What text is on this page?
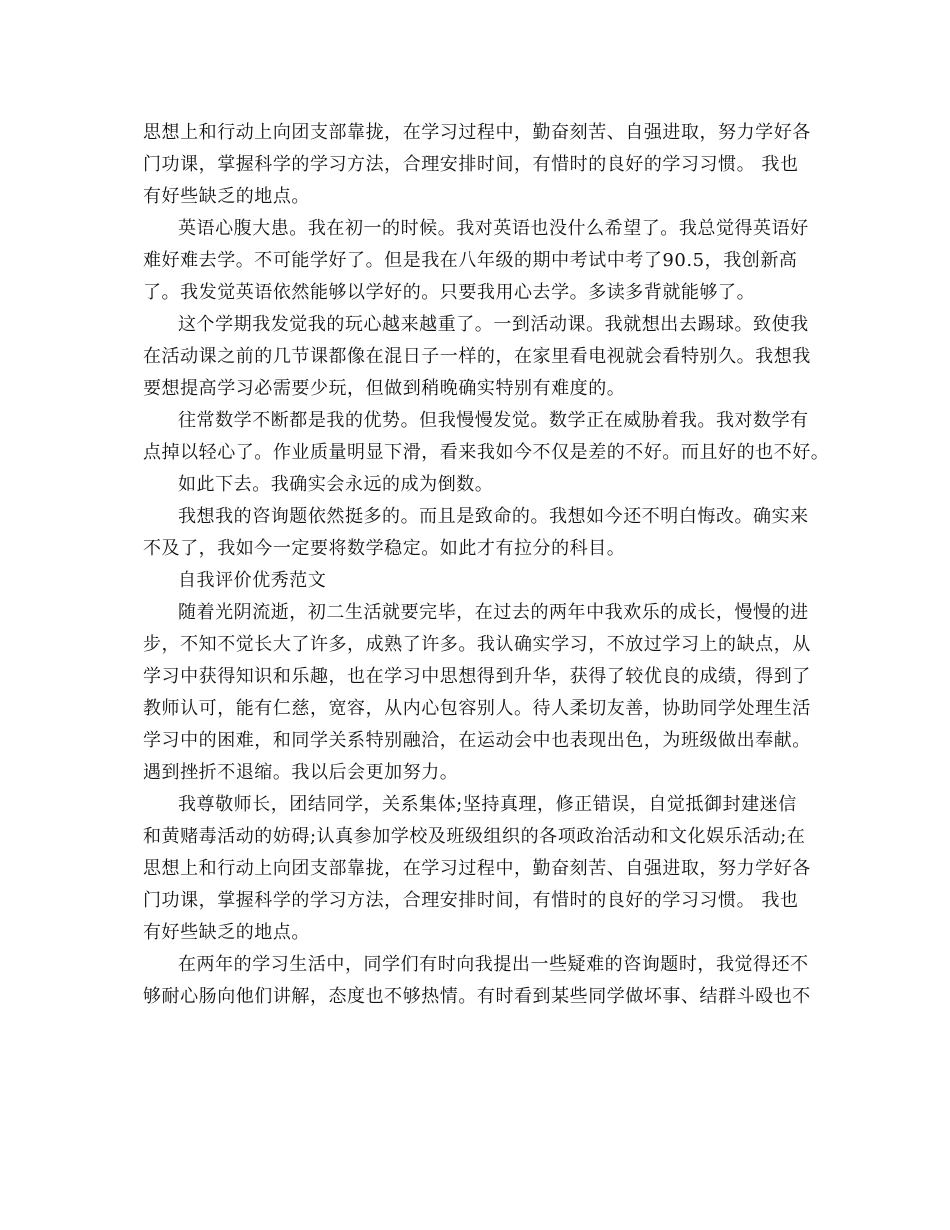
思想上和行动上向团支部靠拢，在学习过程中，勤奋刻苦、自强进取，努力学好各
门功课，掌握科学的学习方法，合理安排时间，有惜时的良好的学习习惯。 我也
有好些缺乏的地点。
英语心腹大患。我在初一的时候。我对英语也没什么希望了。我总觉得英语好
难好难去学。不可能学好了。但是我在八年级的期中考试中考了90.5，我创新高
了。我发觉英语依然能够以学好的。只要我用心去学。多读多背就能够了。
这个学期我发觉我的玩心越来越重了。一到活动课。我就想出去踢球。致使我
在活动课之前的几节课都像在混日子一样的，在家里看电视就会看特别久。我想我
要想提高学习必需要少玩，但做到稍晚确实特别有难度的。
往常数学不断都是我的优势。但我慢慢发觉。数学正在威胁着我。我对数学有
点掉以轻心了。作业质量明显下滑，看来我如今不仅是差的不好。而且好的也不好。
如此下去。我确实会永远的成为倒数。
我想我的咨询题依然挺多的。而且是致命的。我想如今还不明白悔改。确实来
不及了，我如今一定要将数学稳定。如此才有拉分的科目。
自我评价优秀范文
随着光阴流逝，初二生活就要完毕，在过去的两年中我欢乐的成长，慢慢的进
步，不知不觉长大了许多，成熟了许多。我认确实学习，不放过学习上的缺点，从
学习中获得知识和乐趣，也在学习中思想得到升华，获得了较优良的成绩，得到了
教师认可，能有仁慈，宽容，从内心包容别人。待人柔切友善，协助同学处理生活
学习中的困难，和同学关系特别融洽，在运动会中也表现出色，为班级做出奉献。
遇到挫折不退缩。我以后会更加努力。
我尊敬师长，团结同学，关系集体;坚持真理，修正错误，自觉抵御封建迷信
和黄赌毒活动的妨碍;认真参加学校及班级组织的各项政治活动和文化娱乐活动;在
思想上和行动上向团支部靠拢，在学习过程中，勤奋刻苦、自强进取，努力学好各
门功课，掌握科学的学习方法，合理安排时间，有惜时的良好的学习习惯。 我也
有好些缺乏的地点。
在两年的学习生活中，同学们有时向我提出一些疑难的咨询题时，我觉得还不
够耐心肠向他们讲解，态度也不够热情。有时看到某些同学做坏事、结群斗殴也不
